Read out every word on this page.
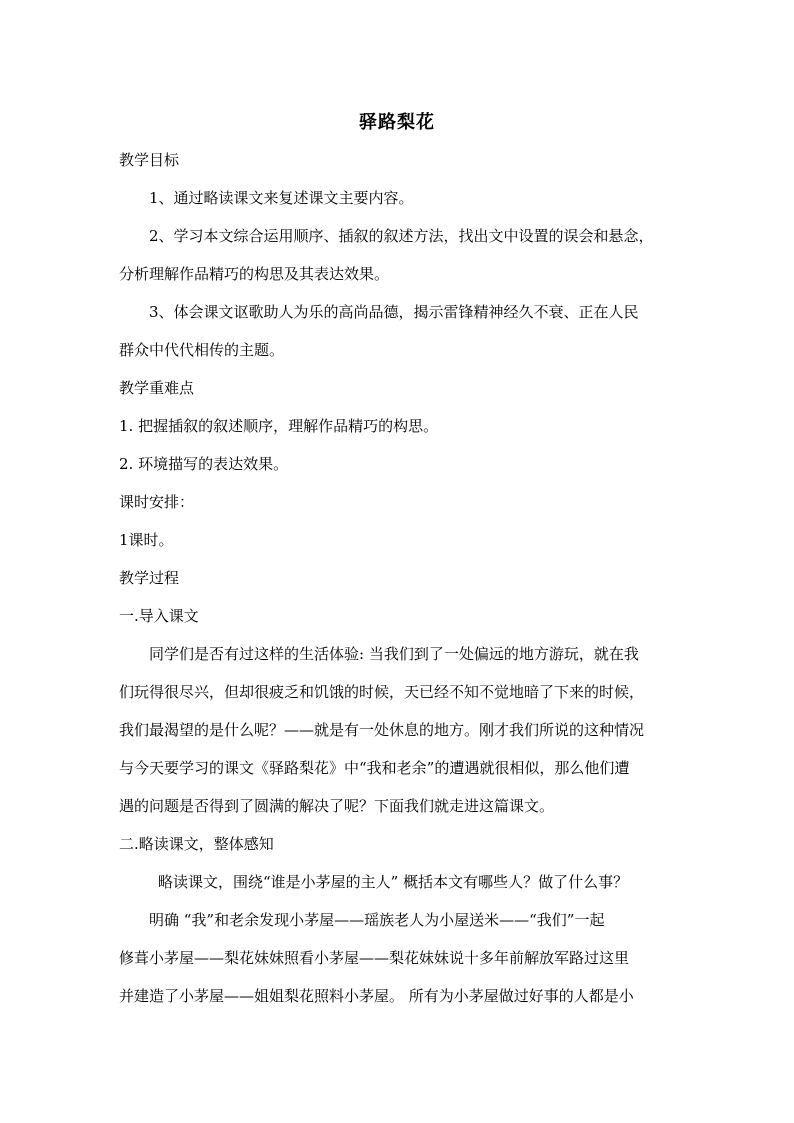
驿路梨花
教学目标
1、通过略读课文来复述课文主要内容。
2、学习本文综合运用顺序、插叙的叙述方法，找出文中设置的误会和悬念，
分析理解作品精巧的构思及其表达效果。
3、体会课文讴歌助人为乐的高尚品德，揭示雷锋精神经久不衰、正在人民
群众中代代相传的主题。
教学重难点
1. 把握插叙的叙述顺序，理解作品精巧的构思。
2. 环境描写的表达效果。
课时安排：
1课时。
教学过程
一.导入课文
同学们是否有过这样的生活体验: 当我们到了一处偏远的地方游玩，就在我
们玩得很尽兴，但却很疲乏和饥饿的时候，天已经不知不觉地暗了下来的时候，
我们最渴望的是什么呢？——就是有一处休息的地方。刚才我们所说的这种情况
与今天要学习的课文《驿路梨花》中“我和老余”的遭遇就很相似，那么他们遭
遇的问题是否得到了圆满的解决了呢？下面我们就走进这篇课文。
二.略读课文，整体感知
略读课文，围绕“谁是小茅屋的主人” 概括本文有哪些人？做了什么事？
明确 “我”和老余发现小茅屋——瑶族老人为小屋送米——“我们”一起
修葺小茅屋——梨花妹妹照看小茅屋——梨花妹妹说十多年前解放军路过这里
并建造了小茅屋——姐姐梨花照料小茅屋。 所有为小茅屋做过好事的人都是小
